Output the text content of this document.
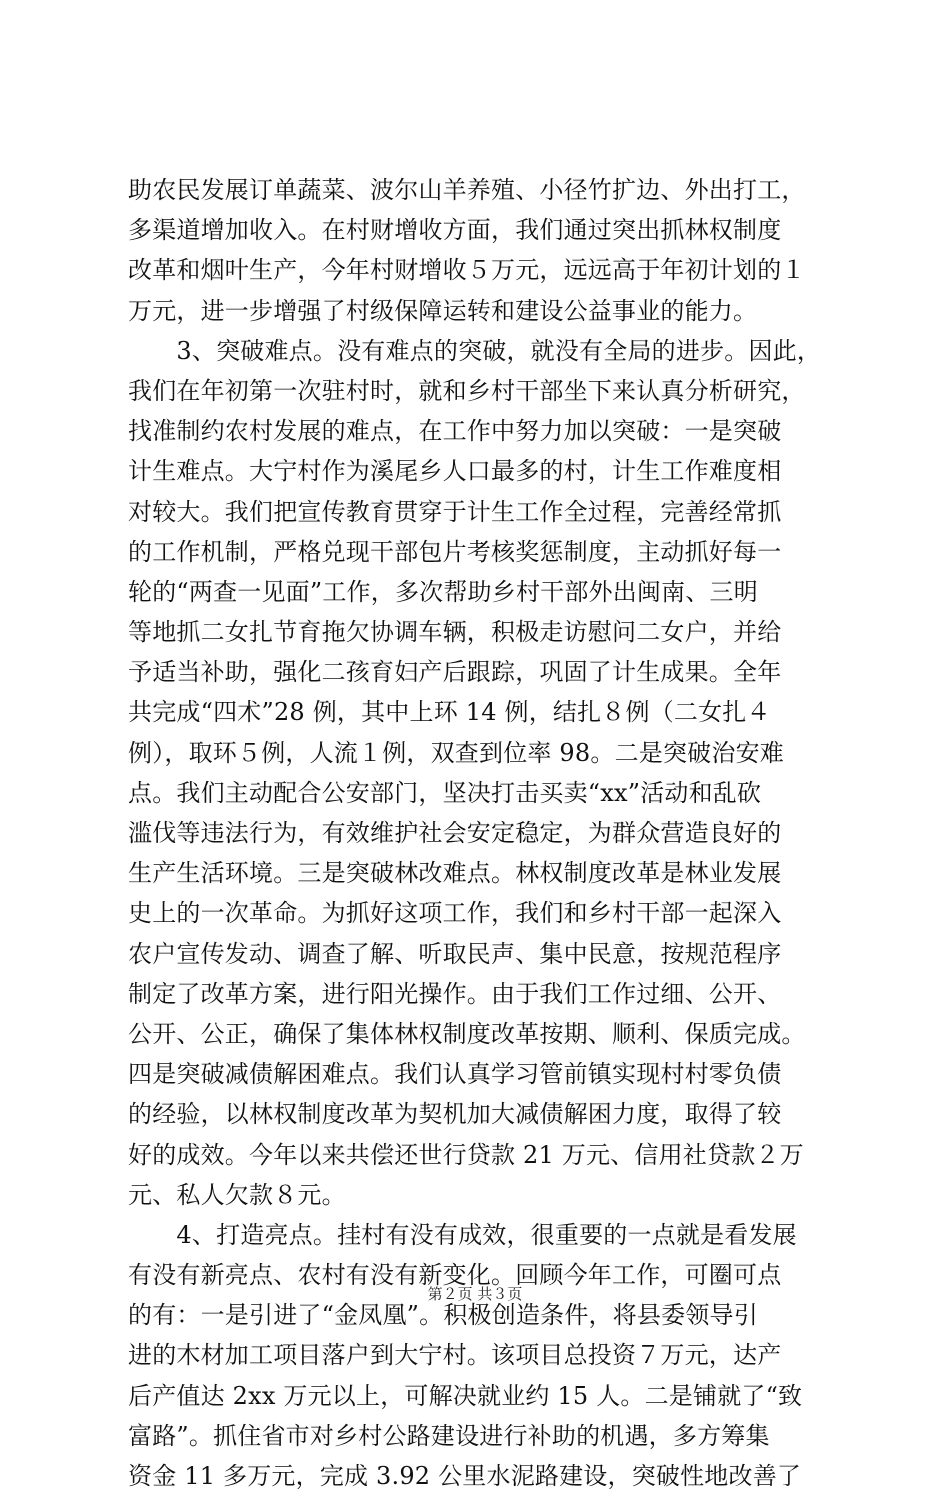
助农民发展订单蔬菜、波尔山羊养殖、小径竹扩边、外出打工，
多渠道增加收入。在村财增收方面，我们通过突出抓林权制度
改革和烟叶生产，今年村财增收５万元，远远高于年初计划的１
万元，进一步增强了村级保障运转和建设公益事业的能力。
　　3、突破难点。没有难点的突破，就没有全局的进步。因此，
我们在年初第一次驻村时，就和乡村干部坐下来认真分析研究，
找准制约农村发展的难点，在工作中努力加以突破：一是突破
计生难点。大宁村作为溪尾乡人口最多的村，计生工作难度相
对较大。我们把宣传教育贯穿于计生工作全过程，完善经常抓
的工作机制，严格兑现干部包片考核奖惩制度，主动抓好每一
轮的“两查一见面”工作，多次帮助乡村干部外出闽南、三明
等地抓二女扎节育拖欠协调车辆，积极走访慰问二女户，并给
予适当补助，强化二孩育妇产后跟踪，巩固了计生成果。全年
共完成“四术”28 例，其中上环 14 例，结扎８例（二女扎４
例），取环５例，人流１例，双查到位率 98。二是突破治安难
点。我们主动配合公安部门，坚决打击买卖“xx”活动和乱砍
滥伐等违法行为，有效维护社会安定稳定，为群众营造良好的
生产生活环境。三是突破林改难点。林权制度改革是林业发展
史上的一次革命。为抓好这项工作，我们和乡村干部一起深入
农户宣传发动、调查了解、听取民声、集中民意，按规范程序
制定了改革方案，进行阳光操作。由于我们工作过细、公开、
公开、公正，确保了集体林权制度改革按期、顺利、保质完成。
四是突破减债解困难点。我们认真学习管前镇实现村村零负债
的经验，以林权制度改革为契机加大减债解困力度，取得了较
好的成效。今年以来共偿还世行贷款 21 万元、信用社贷款２万
元、私人欠款８元。
　　4、打造亮点。挂村有没有成效，很重要的一点就是看发展
有没有新亮点、农村有没有新变化。回顾今年工作，可圈可点
的有：一是引进了“金凤凰”。积极创造条件，将县委领导引
进的木材加工项目落户到大宁村。该项目总投资７万元，达产
后产值达 2xx 万元以上，可解决就业约 15 人。二是铺就了“致
富路”。抓住省市对乡村公路建设进行补助的机遇，多方筹集
资金 11 多万元，完成 3.92 公里水泥路建设，突破性地改善了
第２页 共３页
